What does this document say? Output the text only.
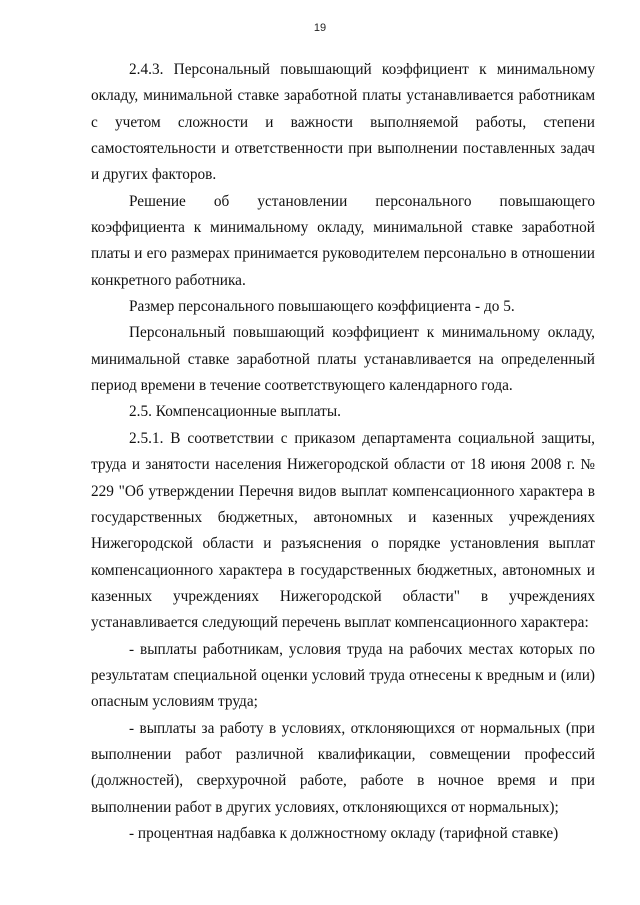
19

2.4.3. Персональный повышающий коэффициент к минимальному окладу, минимальной ставке заработной платы устанавливается работникам с учетом сложности и важности выполняемой работы, степени самостоятельности и ответственности при выполнении поставленных задач и других факторов.

Решение об установлении персонального повышающего коэффициента к минимальному окладу, минимальной ставке заработной платы и его размерах принимается руководителем персонально в отношении конкретного работника.

Размер персонального повышающего коэффициента - до 5.

Персональный повышающий коэффициент к минимальному окладу, минимальной ставке заработной платы устанавливается на определенный период времени в течение соответствующего календарного года.

2.5. Компенсационные выплаты.

2.5.1. В соответствии с приказом департамента социальной защиты, труда и занятости населения Нижегородской области от 18 июня 2008 г. № 229 "Об утверждении Перечня видов выплат компенсационного характера в государственных бюджетных, автономных и казенных учреждениях Нижегородской области и разъяснения о порядке установления выплат компенсационного характера в государственных бюджетных, автономных и казенных учреждениях Нижегородской области" в учреждениях устанавливается следующий перечень выплат компенсационного характера:

- выплаты работникам, условия труда на рабочих местах которых по результатам специальной оценки условий труда отнесены к вредным и (или) опасным условиям труда;

- выплаты за работу в условиях, отклоняющихся от нормальных (при выполнении работ различной квалификации, совмещении профессий (должностей), сверхурочной работе, работе в ночное время и при выполнении работ в других условиях, отклоняющихся от нормальных);

- процентная надбавка к должностному окладу (тарифной ставке)
